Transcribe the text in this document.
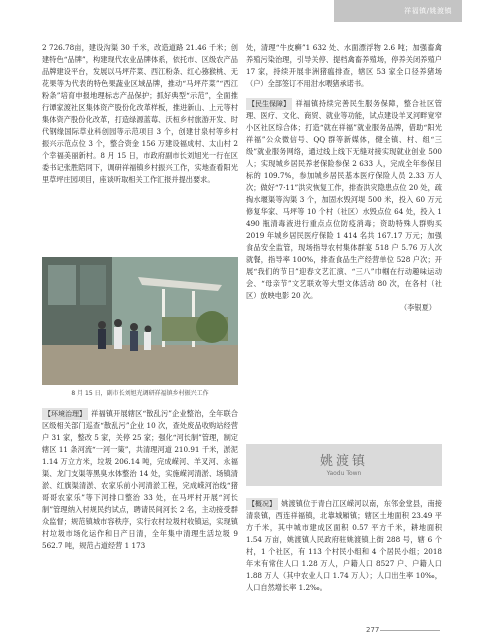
祥福镇/姚渡镇

2 726.78亩，建设沟渠 30 千米，改造道路 21.46 千米；创建特色“品牌”，构建现代农业品牌体系，依托市、区级农产品品牌建设平台，发展以马坪芹菜、西江粉条、红心猕猴桃、无花果等为代表的特色果蔬业区域品牌，推动“马坪芹菜”“西江粉条”培育申报地理标志产品保护；抓好典型“示范”，全面推行谭家渡社区集体资产股份化改革样板，推进新山、上元等村集体资产股份化改革，打造绿源蓝莓、沃桓乡村旅游开发、时代钢缘国际草业科创园等示范项目 3 个，创建甘泉村等乡村振兴示范点位 3 个，整合资金 156 万建设福成村、太山村 2 个幸福美丽新村。8 月 15 日，市政府副市长刘旭光一行在区委书记张胜陪同下，调研祥福镇乡村振兴工作，实地查看阳光里草坪庄园项目，座谈听取相关工作汇报并提出要求。

8 月 15 日，副市长刘旭光调研祥福镇乡村振兴工作

【环境治理】 祥福镇开展辖区“散乱污”企业整治，全年联合区级相关部门巡查“散乱污”企业 10 次，查处废品收购站经营户 31 家，整改 5 家，关停 25 家；强化“河长制”管理，制定辖区 11 条河流“一河一策”，共清理河道 210.91 千米，淤泥 1.14 万立方米，垃圾 206.14 吨，完成嵘河、羊叉河、永福渠、龙门支渠等黑臭水体整治 14 处，实施嵘河清淤、场镇清淤、红旗渠清淤、农家乐前小河清淤工程，完成嵘河治线“猪哥哥农家乐”等下河排口整治 33 处，在马坪村开展“河长制”管理纳入村规民约试点，聘请民间河长 2 名，主动接受群众监督；规范镇城市容秩序，实行农村垃圾村收镇运，实现镇村垃圾市场化运作和日产日清，全年集中清理生活垃圾 9 562.7 吨，规范占道经营 1 173

处，清理“牛皮癣”1 632 处、水面漂浮物 2.6 吨；加强畜禽养殖污染治理，引导关停、提档禽畜养殖场，停养关闭养殖户 17 家，持续开展非洲猪瘟排查，辖区 53 家全口径养猪场（户）全部签订不用泔水喂猪承诺书。

【民生保障】 祥福镇持续完善民生服务保障，整合社区管理、医疗、文化、商贸、就业等功能，试点建设羊叉河畔宽窄小区社区综合体；打造“就在祥福”就业服务品牌，借助“阳光祥福”公众微信号、QQ 群等新媒体，健全镇、村、组“三级”就业服务网络，通过线上线下无缝对接实现就业创业 500 人；实现城乡居民养老保险参保 2 633 人，完成全年参保目标的 109.7%，参加城乡居民基本医疗保险人员 2.33 万人次；做好“7·11”洪灾恢复工作，排查洪灾隐患点位 20 处，疏掏水堰渠等沟渠 3 个，加固水毁河堤 500 米，投入 60 万元修复华家、马坪等 10 个村（社区）水毁点位 64 处，投入 1 490 瓶清毒液进行重点点位防疫消毒；资助特殊人群购买 2019 年城乡居民医疗保险 1 414 名共 167.17 万元；加强食品安全监管，现场指导农村集体群宴 518 户 5.76 万人次就餐，指导率 100%，排查食品生产经营单位 528 户次；开展“我们的节日”迎春文艺汇演、“三八”巾帼在行动趣味运动会、“母亲节”文艺联欢等大型文体活动 80 次，在各村（社区）放映电影 20 次。

（李银夏）

姚渡镇
Yaodu Town

【概况】 姚渡镇位于青白江区嵘河以南，东邻金堂县，南接清泉镇，西连祥福镇，北靠城厢镇；辖区土地面积 23.49 平方千米，其中城市建成区面积 0.57 平方千米，耕地面积 1.54 万亩，姚渡镇人民政府驻姚渡镇上街 288 号，辖 6 个村，1 个社区，有 113 个村民小组和 4 个居民小组；2018 年末有常住人口 1.28 万人，户籍人口 8527 户、户籍人口 1.88 万人（其中农业人口 1.74 万人）；人口出生率 10‰，人口自然增长率 1.2‰。

277
